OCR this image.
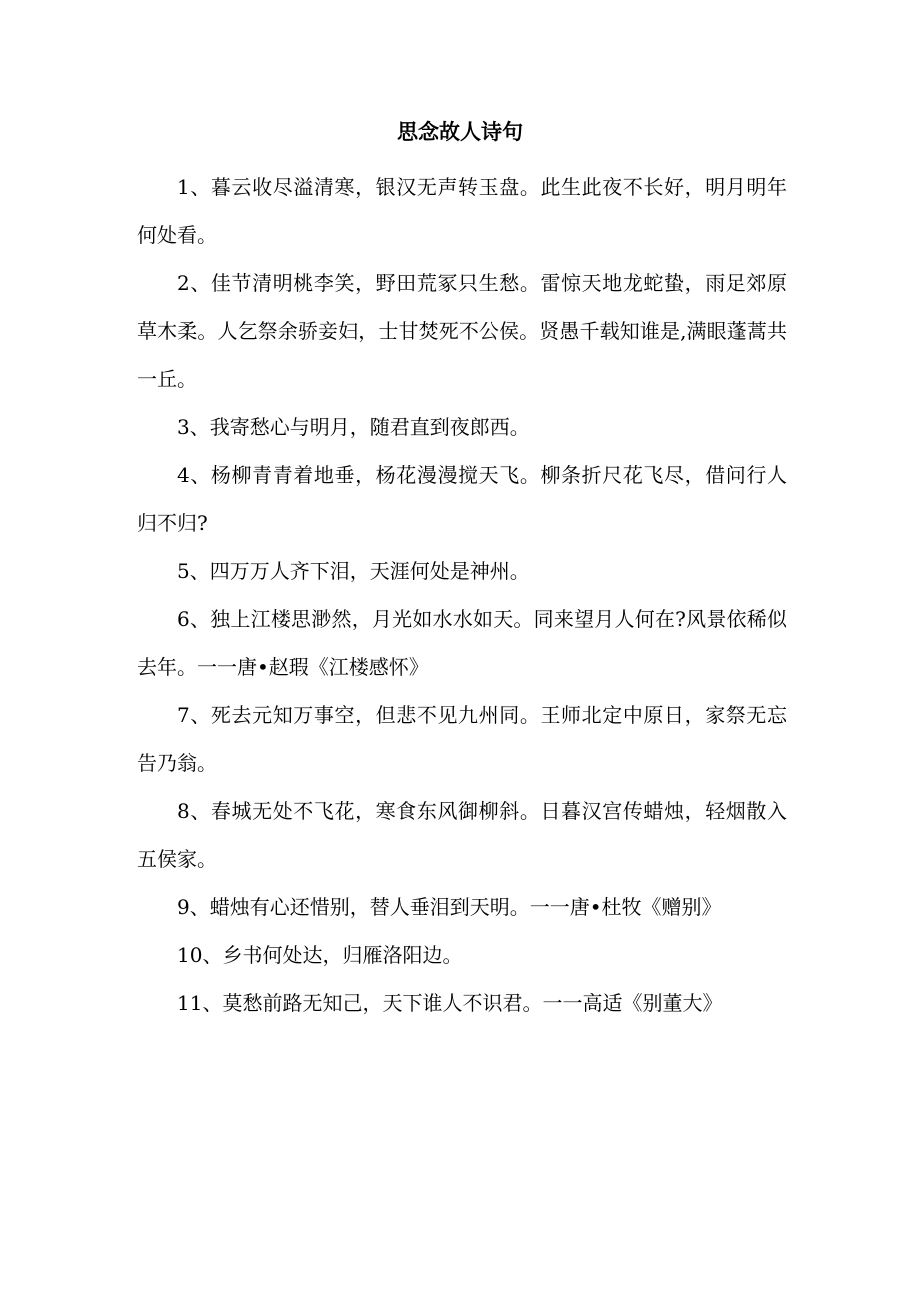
思念故人诗句

1、暮云收尽溢清寒，银汉无声转玉盘。此生此夜不长好，明月明年何处看。

2、佳节清明桃李笑，野田荒冢只生愁。雷惊天地龙蛇蛰，雨足郊原草木柔。人乞祭余骄妾妇，士甘焚死不公侯。贤愚千载知谁是,满眼蓬蒿共一丘。

3、我寄愁心与明月，随君直到夜郎西。

4、杨柳青青着地垂，杨花漫漫搅天飞。柳条折尺花飞尽，借问行人归不归?

5、四万万人齐下泪，天涯何处是神州。

6、独上江楼思渺然，月光如水水如天。同来望月人何在?风景依稀似去年。一一唐•赵瑕《江楼感怀》

7、死去元知万事空，但悲不见九州同。王师北定中原日，家祭无忘告乃翁。

8、春城无处不飞花，寒食东风御柳斜。日暮汉宫传蜡烛，轻烟散入五侯家。

9、蜡烛有心还惜别，替人垂泪到天明。一一唐•杜牧《赠别》

10、乡书何处达，归雁洛阳边。

11、莫愁前路无知己，天下谁人不识君。一一高适《别董大》
